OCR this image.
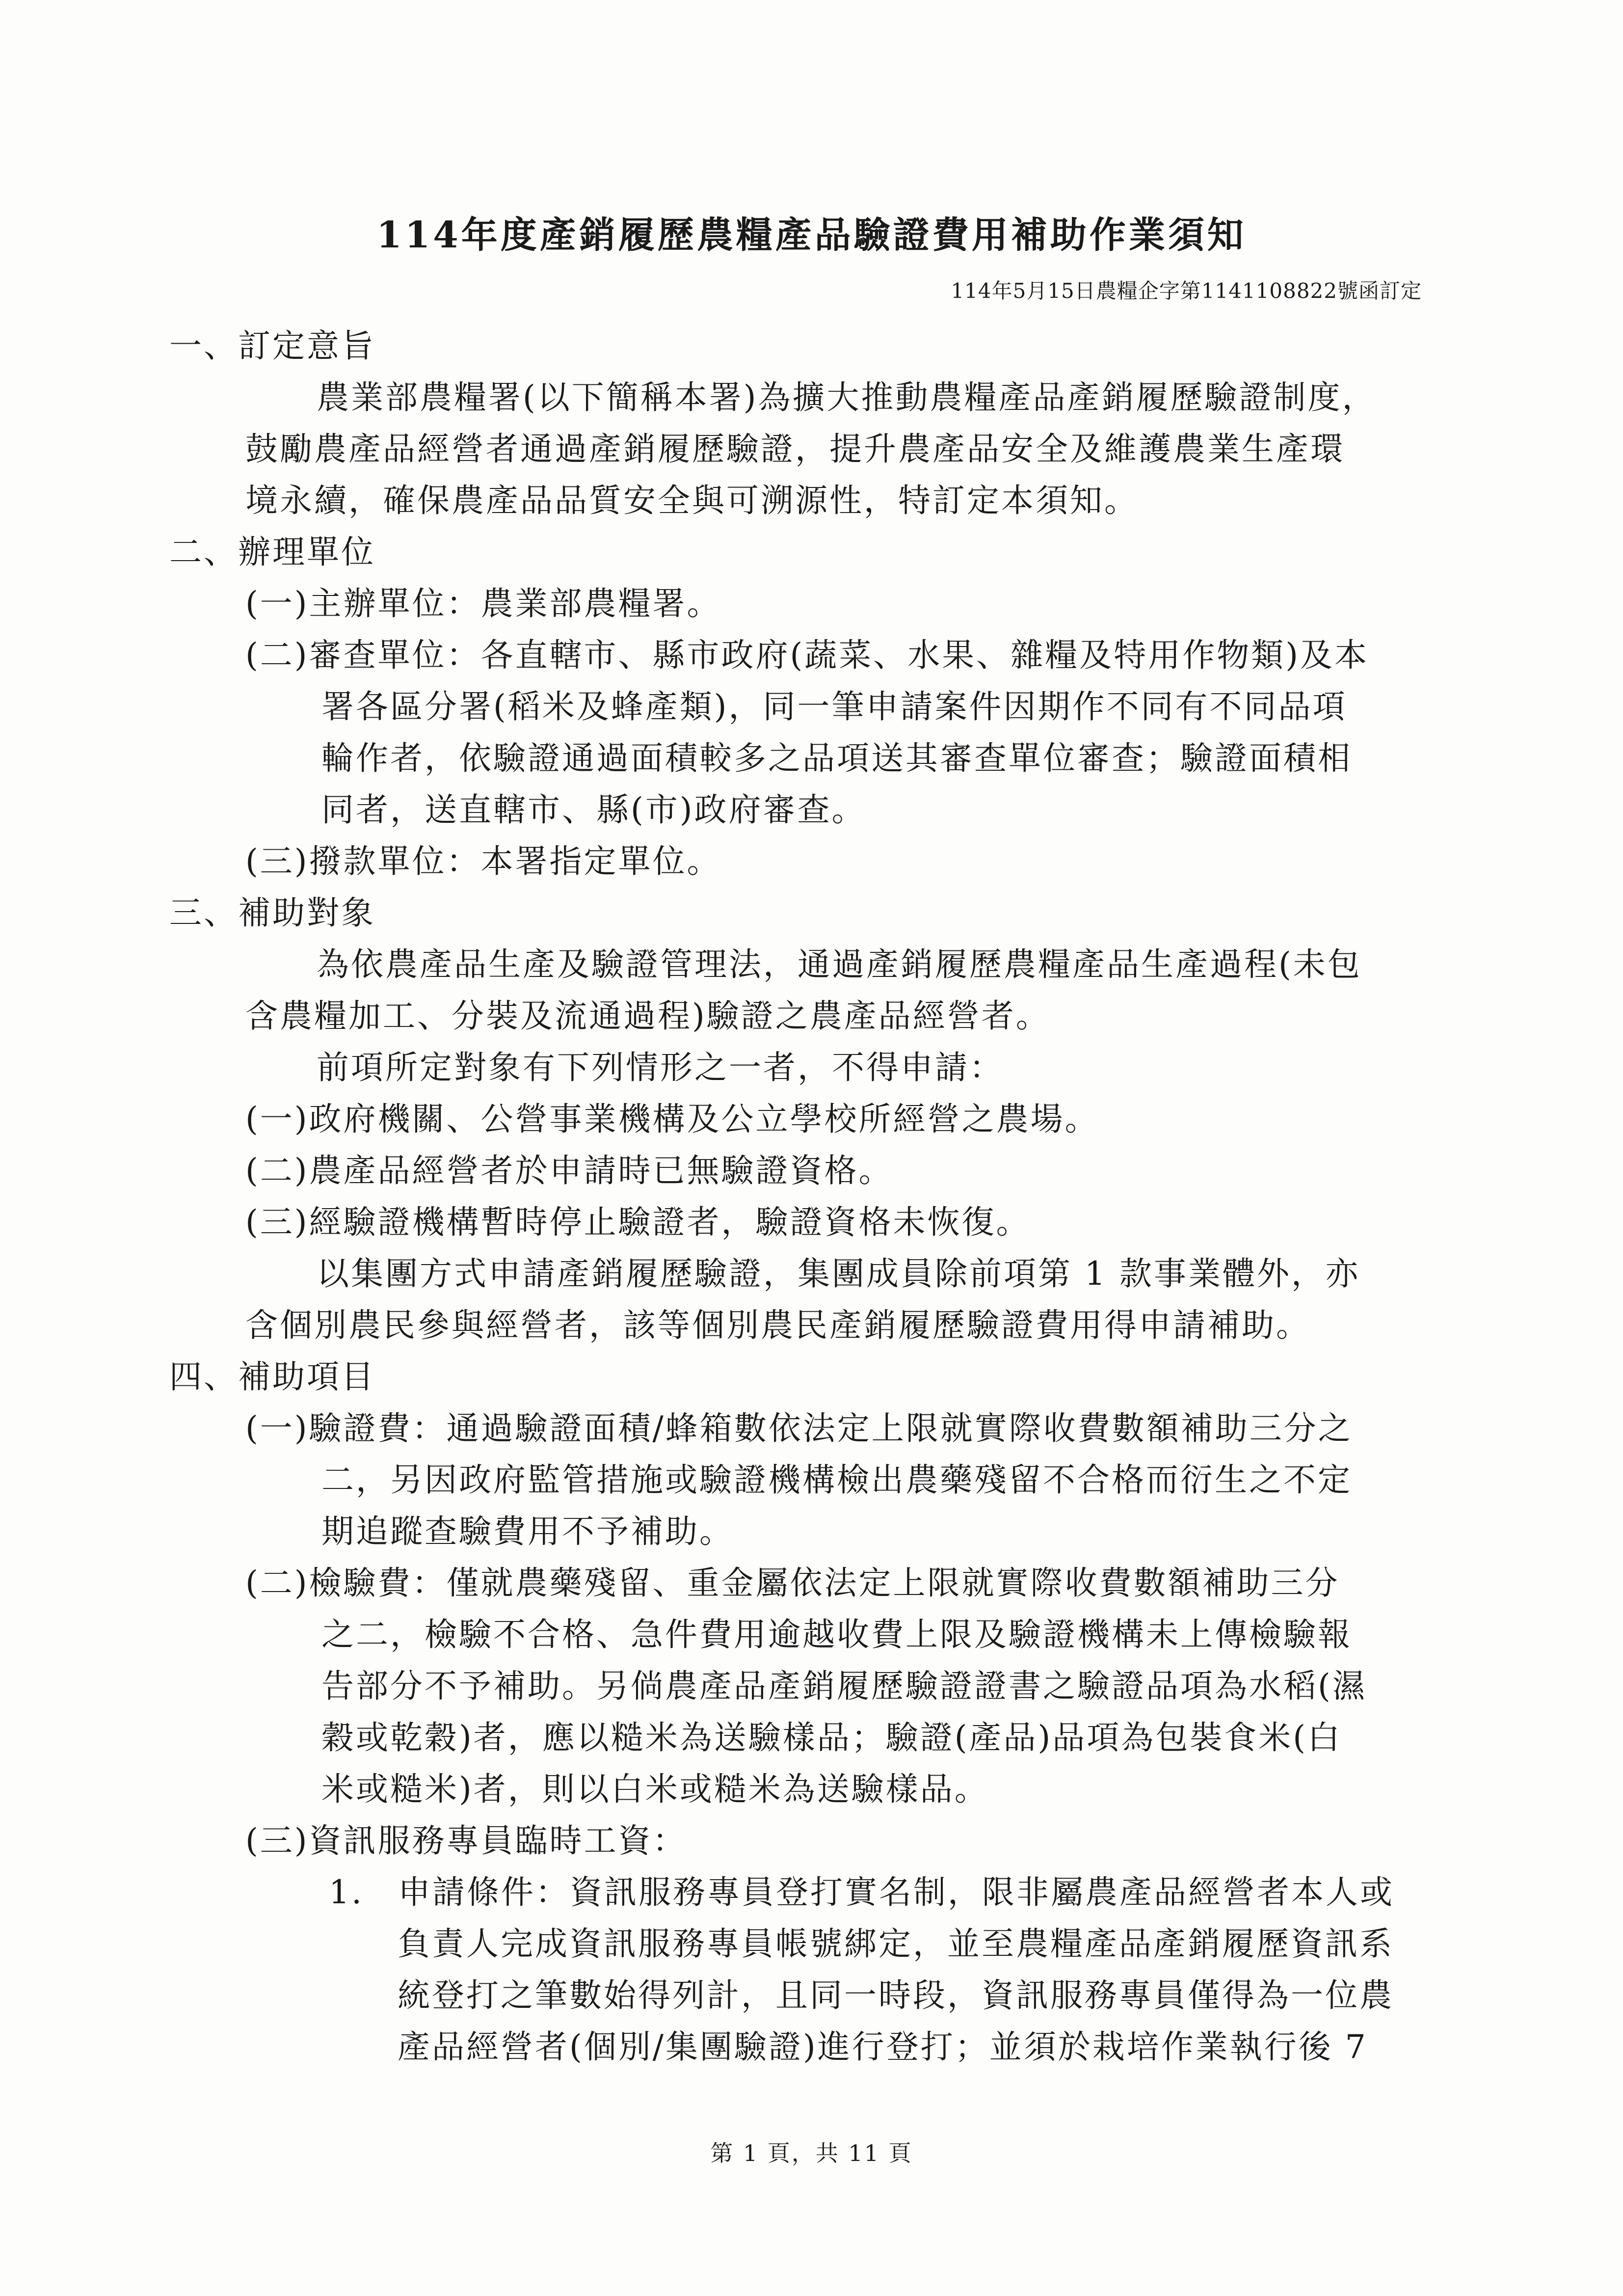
114年度產銷履歷農糧產品驗證費用補助作業須知
114年5月15日農糧企字第1141108822號函訂定
一、訂定意旨
農業部農糧署(以下簡稱本署)為擴大推動農糧產品產銷履歷驗證制度，
鼓勵農產品經營者通過產銷履歷驗證，提升農產品安全及維護農業生產環
境永續，確保農產品品質安全與可溯源性，特訂定本須知。
二、辦理單位
(一)主辦單位：農業部農糧署。
(二)審查單位：各直轄市、縣市政府(蔬菜、水果、雜糧及特用作物類)及本
署各區分署(稻米及蜂產類)，同一筆申請案件因期作不同有不同品項
輪作者，依驗證通過面積較多之品項送其審查單位審查；驗證面積相
同者，送直轄市、縣(市)政府審查。
(三)撥款單位：本署指定單位。
三、補助對象
為依農產品生產及驗證管理法，通過產銷履歷農糧產品生產過程(未包
含農糧加工、分裝及流通過程)驗證之農產品經營者。
前項所定對象有下列情形之一者，不得申請：
(一)政府機關、公營事業機構及公立學校所經營之農場。
(二)農產品經營者於申請時已無驗證資格。
(三)經驗證機構暫時停止驗證者，驗證資格未恢復。
以集團方式申請產銷履歷驗證，集團成員除前項第 1 款事業體外，亦
含個別農民參與經營者，該等個別農民產銷履歷驗證費用得申請補助。
四、補助項目
(一)驗證費：通過驗證面積/蜂箱數依法定上限就實際收費數額補助三分之
二，另因政府監管措施或驗證機構檢出農藥殘留不合格而衍生之不定
期追蹤查驗費用不予補助。
(二)檢驗費：僅就農藥殘留、重金屬依法定上限就實際收費數額補助三分
之二，檢驗不合格、急件費用逾越收費上限及驗證機構未上傳檢驗報
告部分不予補助。另倘農產品產銷履歷驗證證書之驗證品項為水稻(濕
穀或乾穀)者，應以糙米為送驗樣品；驗證(產品)品項為包裝食米(白
米或糙米)者，則以白米或糙米為送驗樣品。
(三)資訊服務專員臨時工資：
1.　申請條件：資訊服務專員登打實名制，限非屬農產品經營者本人或
負責人完成資訊服務專員帳號綁定，並至農糧產品產銷履歷資訊系
統登打之筆數始得列計，且同一時段，資訊服務專員僅得為一位農
產品經營者(個別/集團驗證)進行登打；並須於栽培作業執行後 7
第 1 頁，共 11 頁
